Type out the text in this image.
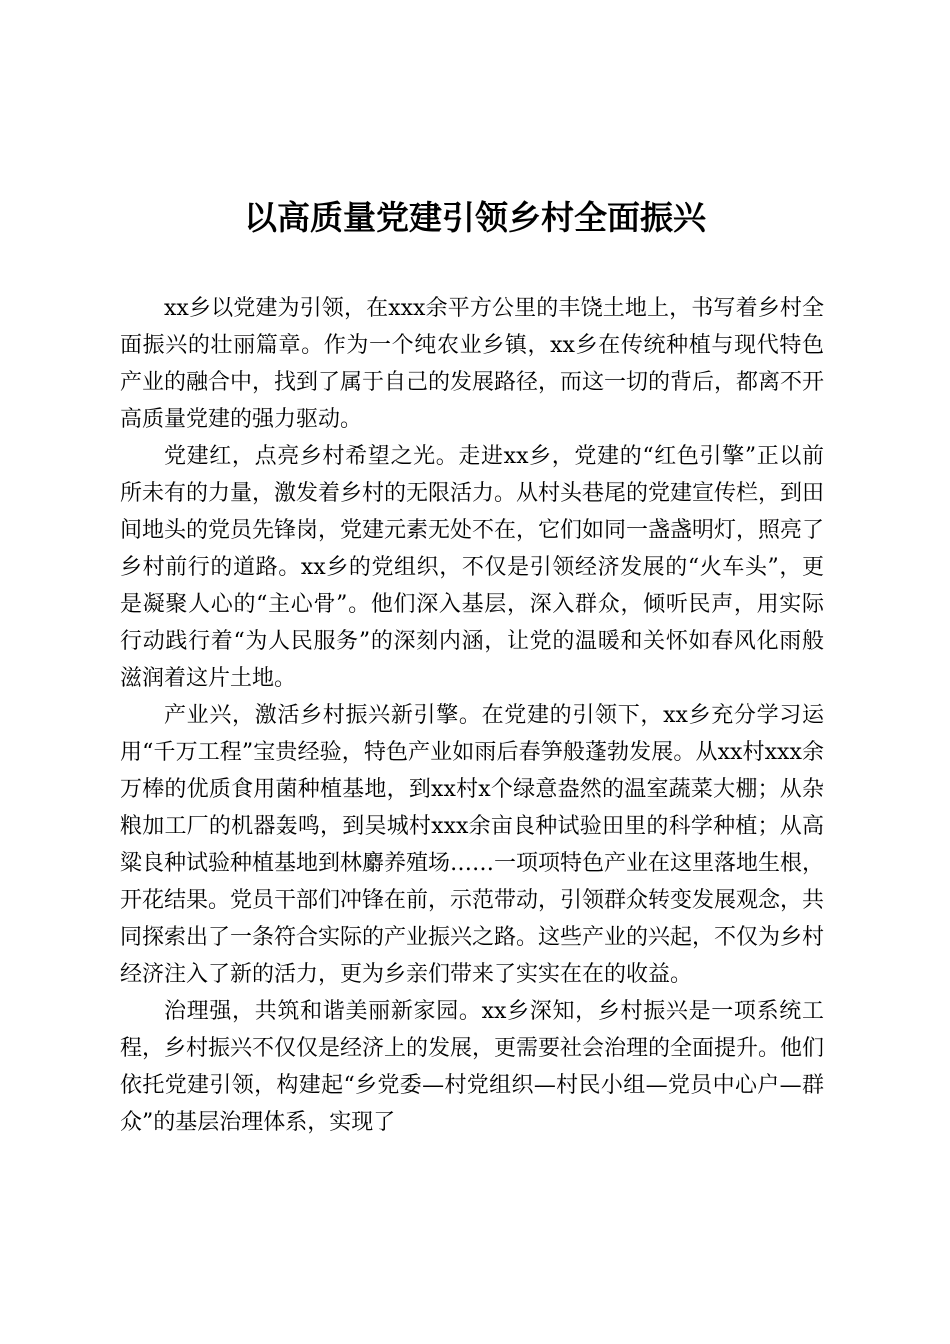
以高质量党建引领乡村全面振兴

xx乡以党建为引领，在xxx余平方公里的丰饶土地上，书写着乡村全面振兴的壮丽篇章。作为一个纯农业乡镇，xx乡在传统种植与现代特色产业的融合中，找到了属于自己的发展路径，而这一切的背后，都离不开高质量党建的强力驱动。

党建红，点亮乡村希望之光。走进xx乡，党建的“红色引擎”正以前所未有的力量，激发着乡村的无限活力。从村头巷尾的党建宣传栏，到田间地头的党员先锋岗，党建元素无处不在，它们如同一盏盏明灯，照亮了乡村前行的道路。xx乡的党组织，不仅是引领经济发展的“火车头”，更是凝聚人心的“主心骨”。他们深入基层，深入群众，倾听民声，用实际行动践行着“为人民服务”的深刻内涵，让党的温暖和关怀如春风化雨般滋润着这片土地。

产业兴，激活乡村振兴新引擎。在党建的引领下，xx乡充分学习运用“千万工程”宝贵经验，特色产业如雨后春笋般蓬勃发展。从xx村xxx余万棒的优质食用菌种植基地，到xx村x个绿意盎然的温室蔬菜大棚；从杂粮加工厂的机器轰鸣，到吴城村xxx余亩良种试验田里的科学种植；从高粱良种试验种植基地到林麝养殖场……一项项特色产业在这里落地生根，开花结果。党员干部们冲锋在前，示范带动，引领群众转变发展观念，共同探索出了一条符合实际的产业振兴之路。这些产业的兴起，不仅为乡村经济注入了新的活力，更为乡亲们带来了实实在在的收益。

治理强，共筑和谐美丽新家园。xx乡深知，乡村振兴是一项系统工程，乡村振兴不仅仅是经济上的发展，更需要社会治理的全面提升。他们依托党建引领，构建起“乡党委—村党组织—村民小组—党员中心户—群众”的基层治理体系，实现了
